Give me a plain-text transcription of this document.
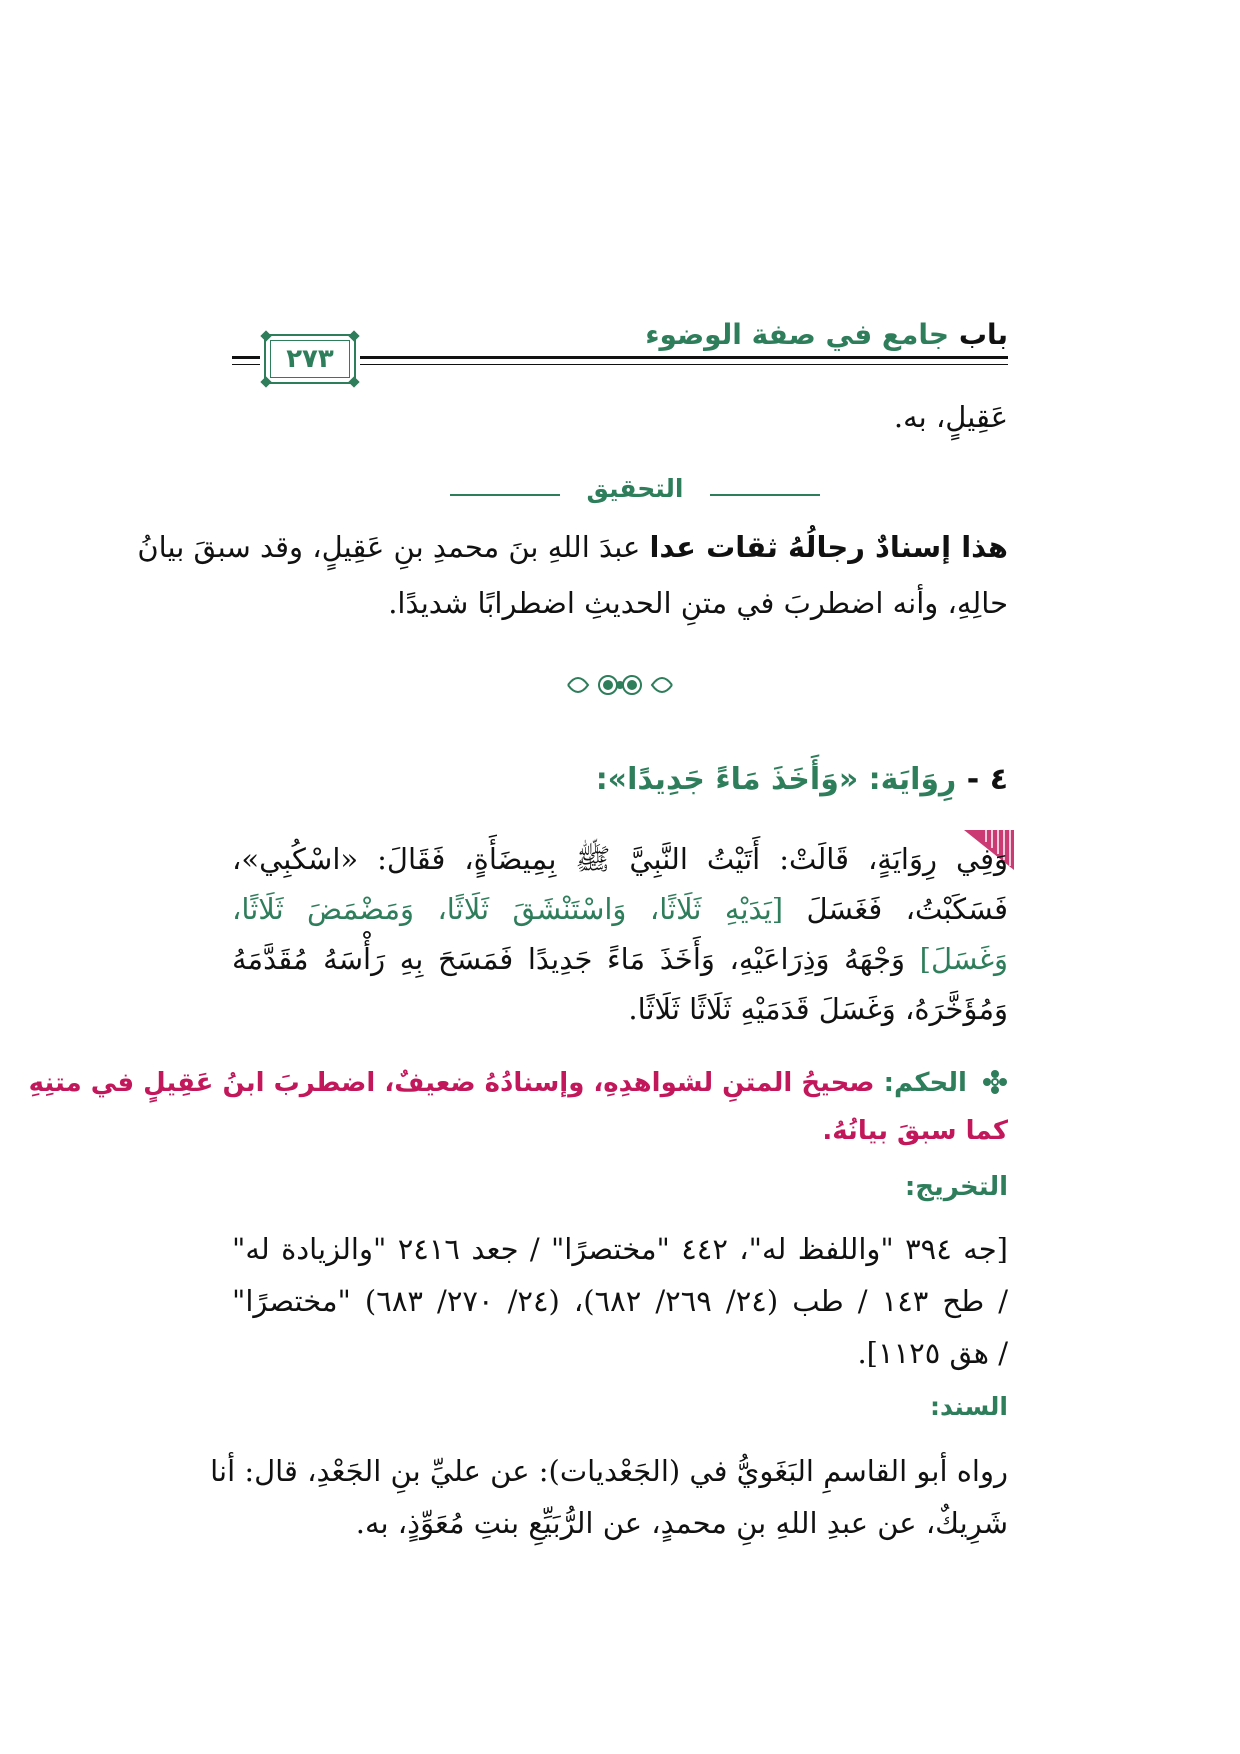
باب جامع في صفة الوضوء
٢٧٣
عَقِيلٍ، به.
التحقيق
هذا إسنادٌ رجالُهُ ثقات عدا عبدَ اللهِ بنَ محمدِ بنِ عَقِيلٍ، وقد سبقَ بيانُ
حالِهِ، وأنه اضطربَ في متنِ الحديثِ اضطرابًا شديدًا.
٤ - رِوَايَة: «وَأَخَذَ مَاءً جَدِيدًا»:
وَفِي رِوَايَةٍ، قَالَتْ: أَتَيْتُ النَّبِيَّ ﷺ بِمِيضَأَةٍ، فَقَالَ: «اسْكُبِي»،
فَسَكَبْتُ، فَغَسَلَ [يَدَيْهِ ثَلَاثًا، وَاسْتَنْشَقَ ثَلَاثًا، وَمَضْمَضَ ثَلَاثًا،
وَغَسَلَ] وَجْهَهُ وَذِرَاعَيْهِ، وَأَخَذَ مَاءً جَدِيدًا فَمَسَحَ بِهِ رَأْسَهُ مُقَدَّمَهُ
وَمُؤَخَّرَهُ، وَغَسَلَ قَدَمَيْهِ ثَلَاثًا ثَلَاثًا.
الحكم: صحيحُ المتنِ لشواهدِهِ، وإسنادُهُ ضعيفٌ، اضطربَ ابنُ عَقِيلٍ في متنِهِ
كما سبقَ بيانُهُ.
التخريج:
[جه ٣٩٤ "واللفظ له"، ٤٤٢ "مختصرًا" / جعد ٢٤١٦ "والزيادة له"
/ طح ١٤٣ / طب (٢٤/ ٢٦٩/ ٦٨٢)، (٢٤/ ٢٧٠/ ٦٨٣) "مختصرًا"
/ هق ١١٢٥].
السند:
رواه أبو القاسمِ البَغَويُّ في (الجَعْديات): عن عليِّ بنِ الجَعْدِ، قال: أنا
شَرِيكٌ، عن عبدِ اللهِ بنِ محمدٍ، عن الرُّبَيِّعِ بنتِ مُعَوِّذٍ، به.
